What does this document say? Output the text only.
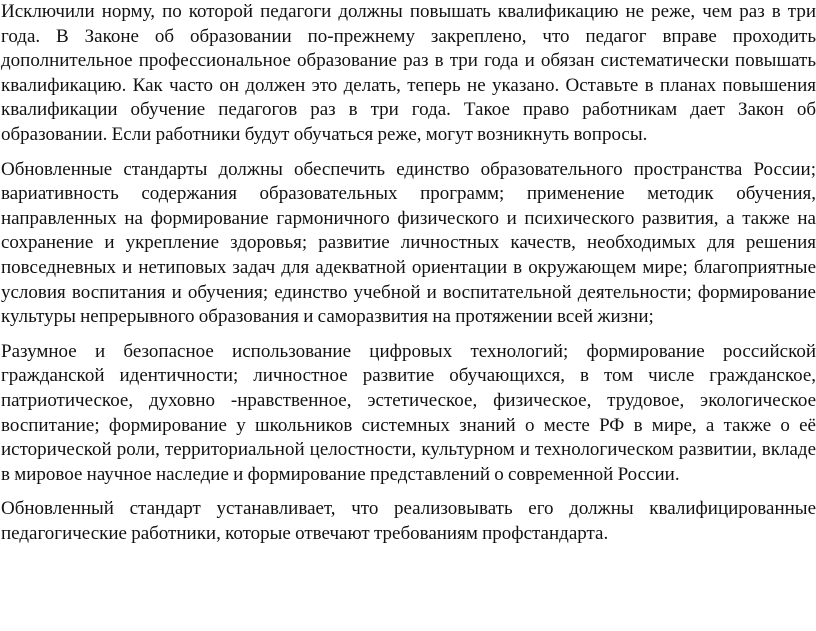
Исключили норму, по которой педагоги должны повышать квалификацию не реже, чем раз в три года. В Законе об образовании по-прежнему закреплено, что педагог вправе проходить дополнительное профессиональное образование раз в три года и обязан систематически повышать квалификацию. Как часто он должен это делать, теперь не указано. Оставьте в планах повышения квалификации обучение педагогов раз в три года. Такое право работникам дает Закон об образовании. Если работники будут обучаться реже, могут возникнуть вопросы.

Обновленные стандарты должны обеспечить единство образовательного пространства России; вариативность содержания образовательных программ; применение методик обучения, направленных на формирование гармоничного физического и психического развития, а также на сохранение и укрепление здоровья; развитие личностных качеств, необходимых для решения повседневных и нетиповых задач для адекватной ориентации в окружающем мире; благоприятные условия воспитания и обучения; единство учебной и воспитательной деятельности; формирование культуры непрерывного образования и саморазвития на протяжении всей жизни;

Разумное и безопасное использование цифровых технологий; формирование российской гражданской идентичности; личностное развитие обучающихся, в том числе гражданское, патриотическое, духовно -нравственное, эстетическое, физическое, трудовое, экологическое воспитание; формирование у школьников системных знаний о месте РФ в мире, а также о её исторической роли, территориальной целостности, культурном и технологическом развитии, вкладе в мировое научное наследие и формирование представлений о современной России.

Обновленный стандарт устанавливает, что реализовывать его должны квалифицированные педагогические работники, которые отвечают требованиям профстандарта.
